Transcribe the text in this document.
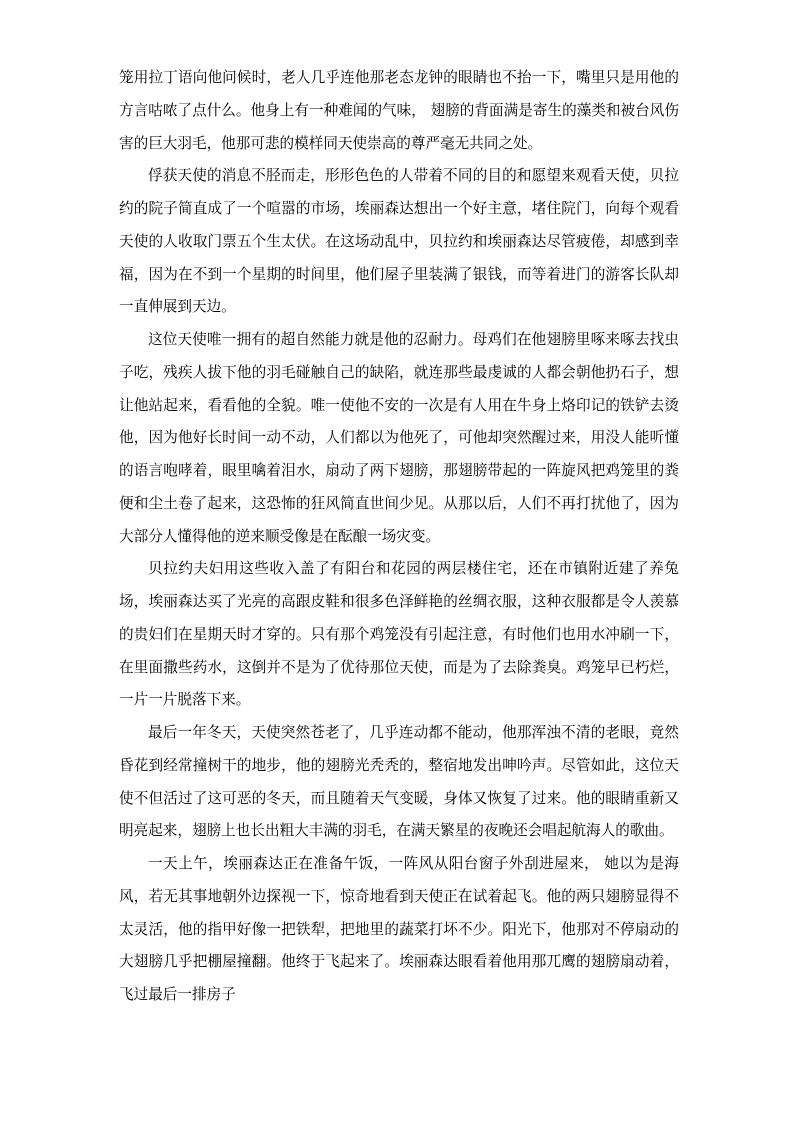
笼用拉丁语向他问候时，老人几乎连他那老态龙钟的眼睛也不抬一下，嘴里只是用他的方言咕哝了点什么。他身上有一种难闻的气味， 翅膀的背面满是寄生的藻类和被台风伤害的巨大羽毛，他那可悲的模样同天使崇高的尊严毫无共同之处。

俘获天使的消息不胫而走，形形色色的人带着不同的目的和愿望来观看天使，贝拉约的院子简直成了一个喧嚣的市场，埃丽森达想出一个好主意，堵住院门，向每个观看天使的人收取门票五个生太伏。在这场动乱中，贝拉约和埃丽森达尽管疲倦，却感到幸福，因为在不到一个星期的时间里，他们屋子里装满了银钱，而等着进门的游客长队却一直伸展到天边。

这位天使唯一拥有的超自然能力就是他的忍耐力。母鸡们在他翅膀里啄来啄去找虫子吃，残疾人拔下他的羽毛碰触自己的缺陷，就连那些最虔诚的人都会朝他扔石子，想让他站起来，看看他的全貌。唯一使他不安的一次是有人用在牛身上烙印记的铁铲去烫他，因为他好长时间一动不动，人们都以为他死了，可他却突然醒过来，用没人能听懂的语言咆哮着，眼里噙着泪水，扇动了两下翅膀，那翅膀带起的一阵旋风把鸡笼里的粪便和尘土卷了起来，这恐怖的狂风简直世间少见。从那以后，人们不再打扰他了，因为大部分人懂得他的逆来顺受像是在酝酿一场灾变。

贝拉约夫妇用这些收入盖了有阳台和花园的两层楼住宅，还在市镇附近建了养兔场，埃丽森达买了光亮的高跟皮鞋和很多色泽鲜艳的丝绸衣服，这种衣服都是令人羡慕的贵妇们在星期天时才穿的。只有那个鸡笼没有引起注意，有时他们也用水冲刷一下，在里面撒些药水，这倒并不是为了优待那位天使，而是为了去除粪臭。鸡笼早已朽烂，一片一片脱落下来。

最后一年冬天，天使突然苍老了，几乎连动都不能动，他那浑浊不清的老眼，竟然昏花到经常撞树干的地步，他的翅膀光秃秃的，整宿地发出呻吟声。尽管如此，这位天使不但活过了这可恶的冬天，而且随着天气变暖，身体又恢复了过来。他的眼睛重新又明亮起来，翅膀上也长出粗大丰满的羽毛，在满天繁星的夜晚还会唱起航海人的歌曲。

一天上午，埃丽森达正在准备午饭，一阵风从阳台窗子外刮进屋来， 她以为是海风，若无其事地朝外边探视一下，惊奇地看到天使正在试着起飞。他的两只翅膀显得不太灵活，他的指甲好像一把铁犁，把地里的蔬菜打坏不少。阳光下，他那对不停扇动的大翅膀几乎把棚屋撞翻。他终于飞起来了。埃丽森达眼看着他用那兀鹰的翅膀扇动着，飞过最后一排房子
